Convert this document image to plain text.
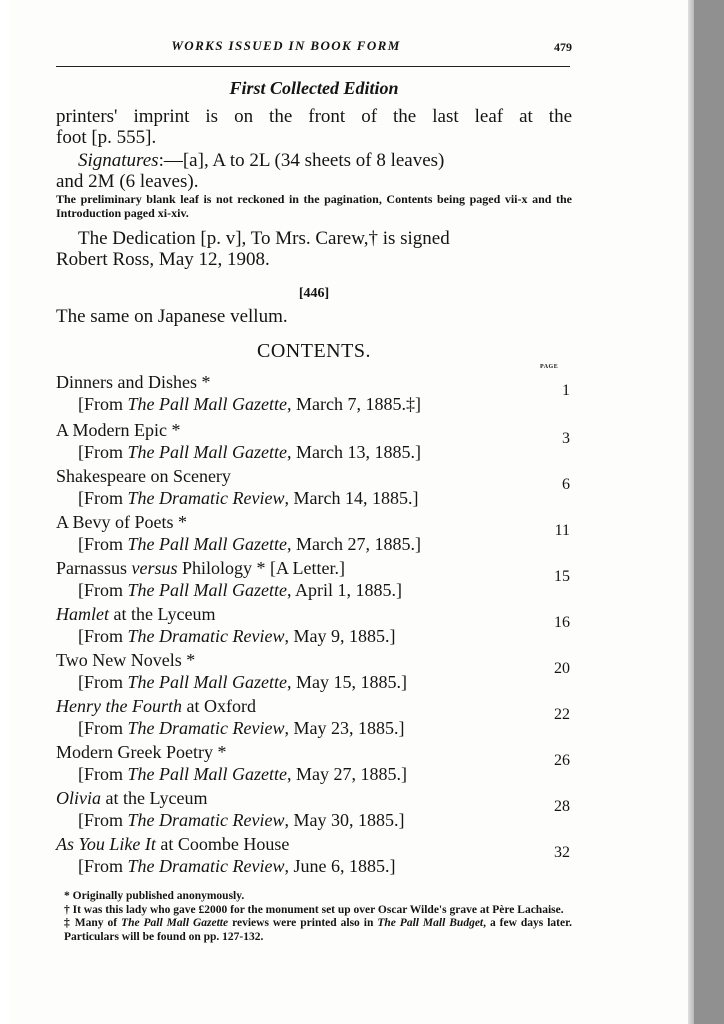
WORKS ISSUED IN BOOK FORM	479
First Collected Edition
printers' imprint is on the front of the last leaf at the
foot [p. 555].
Signatures:—[a], A to 2L (34 sheets of 8 leaves)
and 2M (6 leaves).
The preliminary blank leaf is not reckoned in the pagination, Contents being paged vii-x and the Introduction paged xi-xiv.
The Dedication [p. v], To Mrs. Carew,† is signed
Robert Ross, May 12, 1908.
[446]
The same on Japanese vellum.
CONTENTS.
PAGE
Dinners and Dishes *
[From The Pall Mall Gazette, March 7, 1885.‡]
1
A Modern Epic *
[From The Pall Mall Gazette, March 13, 1885.]
3
Shakespeare on Scenery
[From The Dramatic Review, March 14, 1885.]
6
A Bevy of Poets *
[From The Pall Mall Gazette, March 27, 1885.]
11
Parnassus versus Philology * [A Letter.]
[From The Pall Mall Gazette, April 1, 1885.]
15
Hamlet at the Lyceum
[From The Dramatic Review, May 9, 1885.]
16
Two New Novels *
[From The Pall Mall Gazette, May 15, 1885.]
20
Henry the Fourth at Oxford
[From The Dramatic Review, May 23, 1885.]
22
Modern Greek Poetry *
[From The Pall Mall Gazette, May 27, 1885.]
26
Olivia at the Lyceum
[From The Dramatic Review, May 30, 1885.]
28
As You Like It at Coombe House
[From The Dramatic Review, June 6, 1885.]
32
* Originally published anonymously.
† It was this lady who gave £2000 for the monument set up over Oscar Wilde's grave at Père Lachaise.
‡ Many of The Pall Mall Gazette reviews were printed also in The Pall Mall Budget, a few days later. Particulars will be found on pp. 127-132.
